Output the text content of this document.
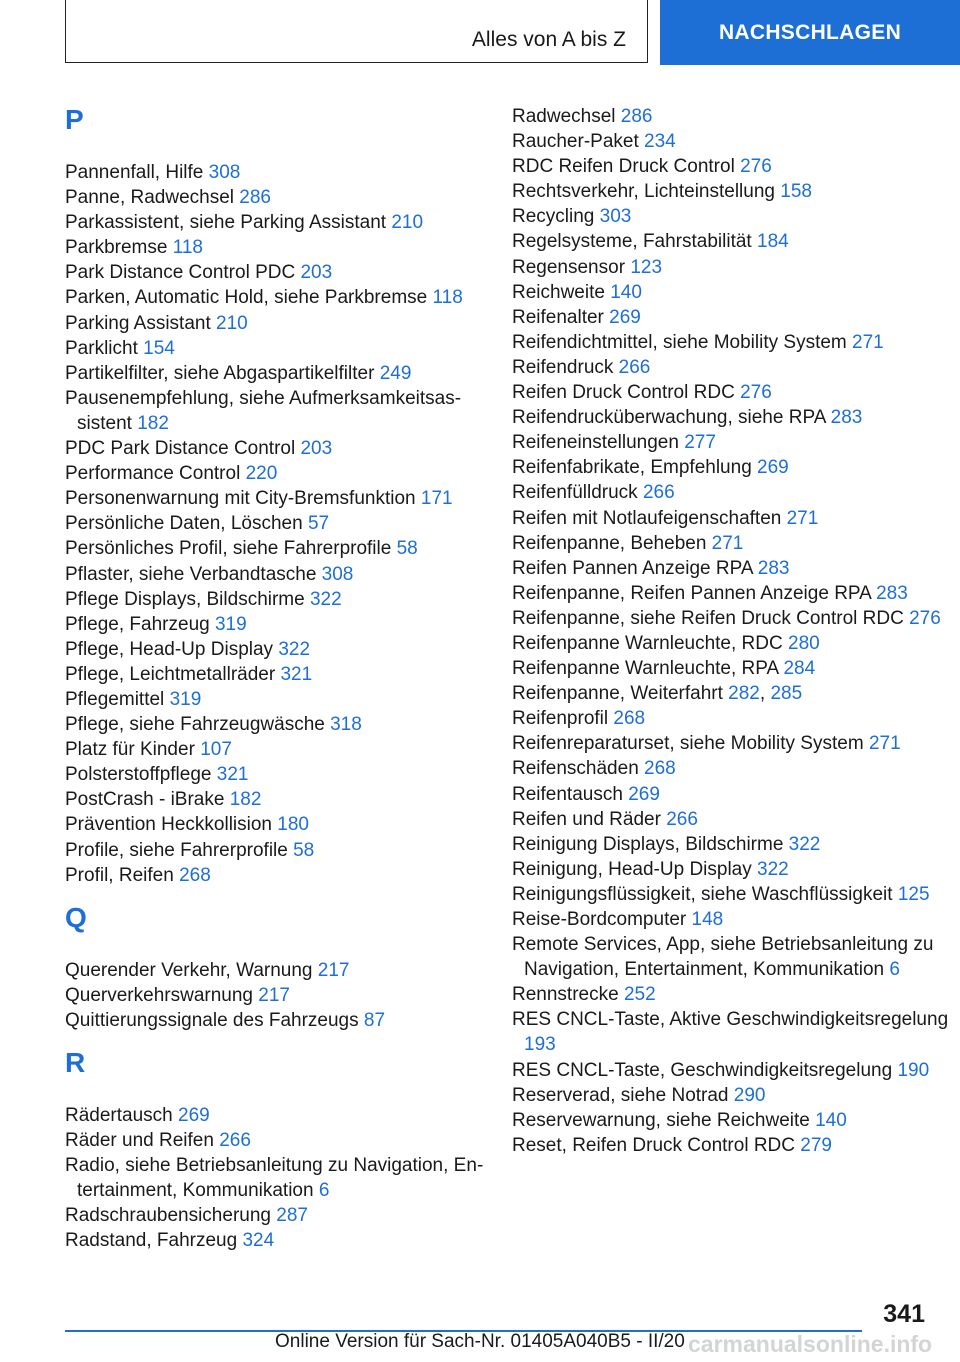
Alles von A bis Z	NACHSCHLAGEN
P
Pannenfall, Hilfe 308
Panne, Radwechsel 286
Parkassistent, siehe Parking Assistant 210
Parkbremse 118
Park Distance Control PDC 203
Parken, Automatic Hold, siehe Parkbremse 118
Parking Assistant 210
Parklicht 154
Partikelfilter, siehe Abgaspartikelfilter 249
Pausenempfehlung, siehe Aufmerksamkeitsassistent 182
PDC Park Distance Control 203
Performance Control 220
Personenwarnung mit City-Bremsfunktion 171
Persönliche Daten, Löschen 57
Persönliches Profil, siehe Fahrerprofile 58
Pflaster, siehe Verbandtasche 308
Pflege Displays, Bildschirme 322
Pflege, Fahrzeug 319
Pflege, Head-Up Display 322
Pflege, Leichtmetallräder 321
Pflegemittel 319
Pflege, siehe Fahrzeugwäsche 318
Platz für Kinder 107
Polsterstoffpflege 321
PostCrash - iBrake 182
Prävention Heckkollision 180
Profile, siehe Fahrerprofile 58
Profil, Reifen 268
Q
Querender Verkehr, Warnung 217
Querverkehrswarnung 217
Quittierungssignale des Fahrzeugs 87
R
Rädertausch 269
Räder und Reifen 266
Radio, siehe Betriebsanleitung zu Navigation, Entertainment, Kommunikation 6
Radschraubensicherung 287
Radstand, Fahrzeug 324
Radwechsel 286
Raucher-Paket 234
RDC Reifen Druck Control 276
Rechtsverkehr, Lichteinstellung 158
Recycling 303
Regelsysteme, Fahrstabilität 184
Regensensor 123
Reichweite 140
Reifenalter 269
Reifendichtmittel, siehe Mobility System 271
Reifendruck 266
Reifen Druck Control RDC 276
Reifendrucküberwachung, siehe RPA 283
Reifeneinstellungen 277
Reifenfabrikate, Empfehlung 269
Reifenfülldruck 266
Reifen mit Notlaufeigenschaften 271
Reifenpanne, Beheben 271
Reifen Pannen Anzeige RPA 283
Reifenpanne, Reifen Pannen Anzeige RPA 283
Reifenpanne, siehe Reifen Druck Control RDC 276
Reifenpanne Warnleuchte, RDC 280
Reifenpanne Warnleuchte, RPA 284
Reifenpanne, Weiterfahrt 282, 285
Reifenprofil 268
Reifenreparaturset, siehe Mobility System 271
Reifenschäden 268
Reifentausch 269
Reifen und Räder 266
Reinigung Displays, Bildschirme 322
Reinigung, Head-Up Display 322
Reinigungsflüssigkeit, siehe Waschflüssigkeit 125
Reise-Bordcomputer 148
Remote Services, App, siehe Betriebsanleitung zu Navigation, Entertainment, Kommunikation 6
Rennstrecke 252
RES CNCL-Taste, Aktive Geschwindigkeitsregelung 193
RES CNCL-Taste, Geschwindigkeitsregelung 190
Reserverad, siehe Notrad 290
Reservewarnung, siehe Reichweite 140
Reset, Reifen Druck Control RDC 279
341
Online Version für Sach-Nr. 01405A040B5 - II/20 carmanualsonline.info
